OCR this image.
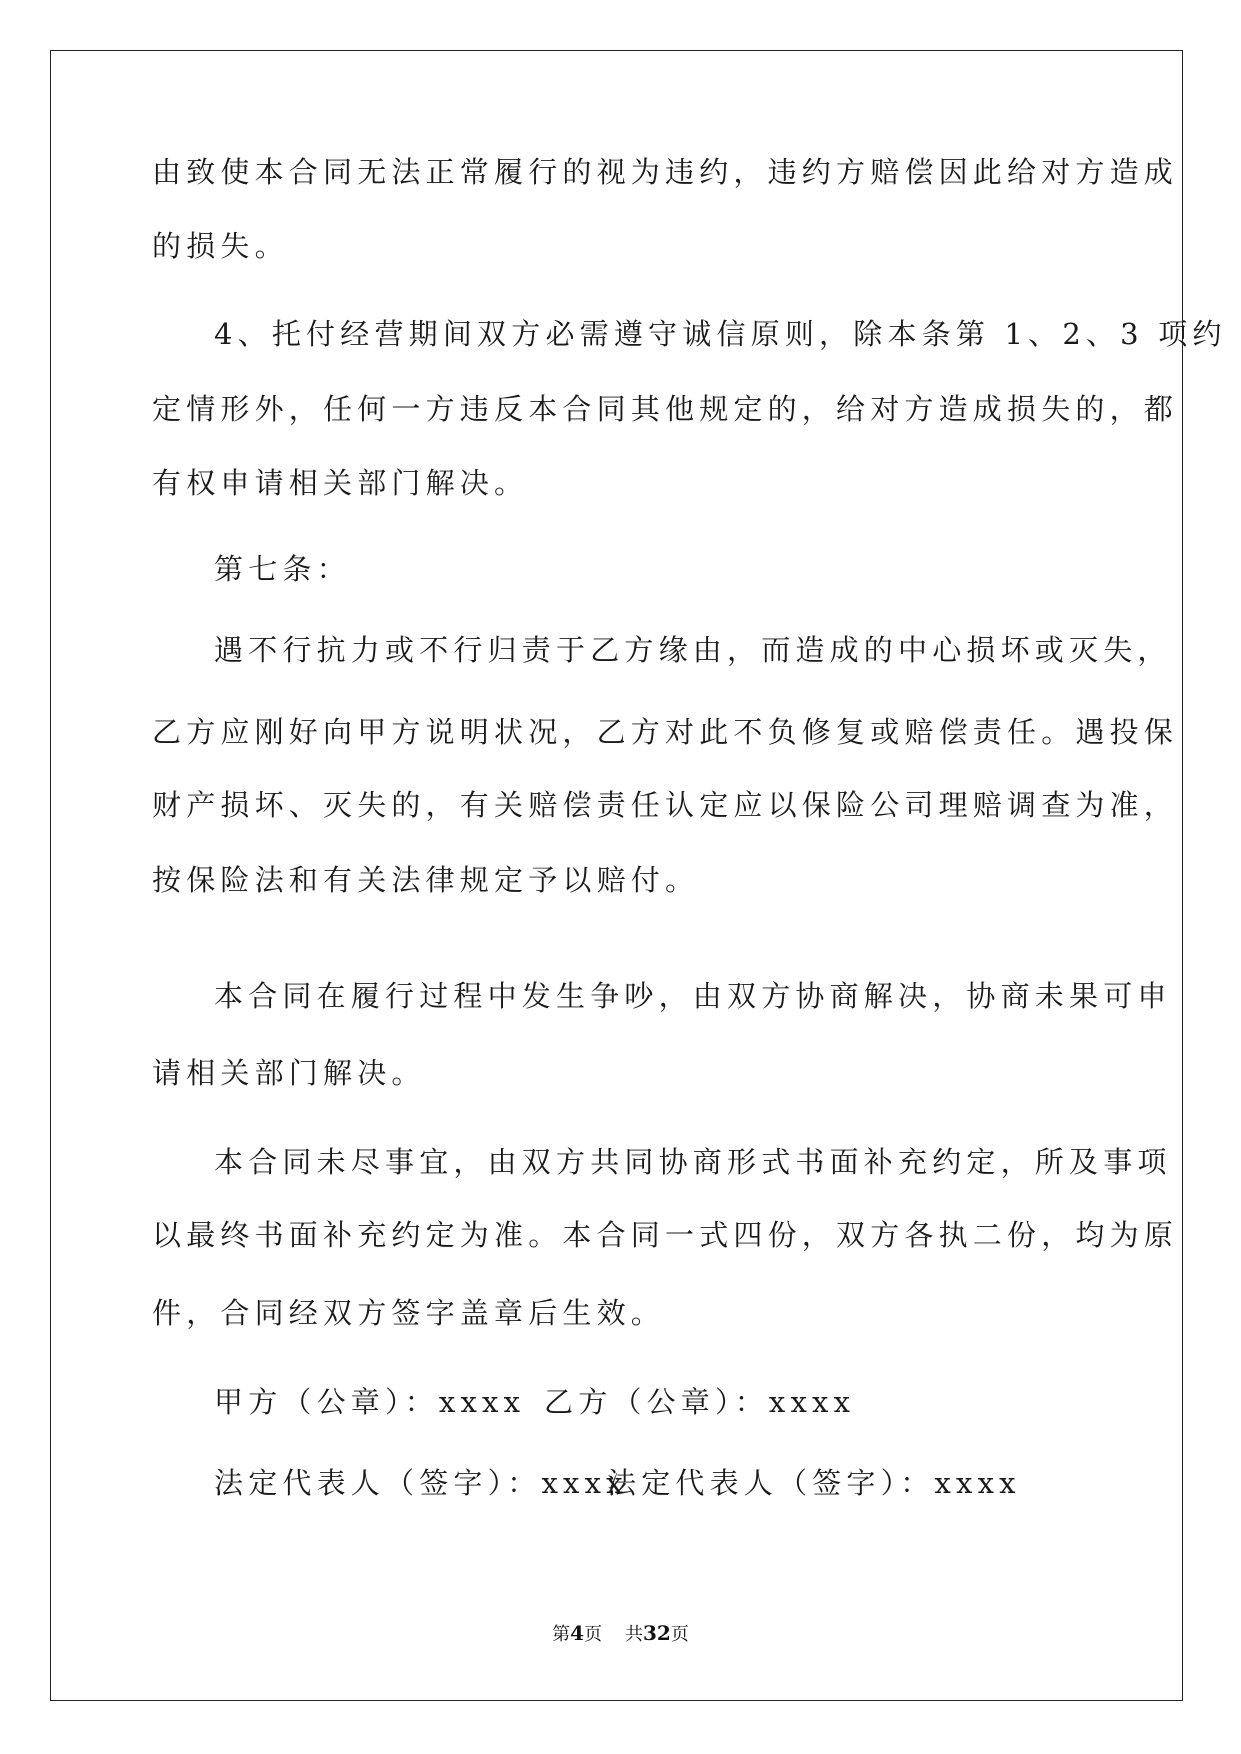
由致使本合同无法正常履行的视为违约，违约方赔偿因此给对方造成

的损失。

4、托付经营期间双方必需遵守诚信原则，除本条第 1、2、3 项约

定情形外，任何一方违反本合同其他规定的，给对方造成损失的，都

有权申请相关部门解决。

第七条：

遇不行抗力或不行归责于乙方缘由，而造成的中心损坏或灭失，

乙方应刚好向甲方说明状况，乙方对此不负修复或赔偿责任。遇投保

财产损坏、灭失的，有关赔偿责任认定应以保险公司理赔调查为准，

按保险法和有关法律规定予以赔付。

本合同在履行过程中发生争吵，由双方协商解决，协商未果可申

请相关部门解决。

本合同未尽事宜，由双方共同协商形式书面补充约定，所及事项

以最终书面补充约定为准。本合同一式四份，双方各执二份，均为原

件，合同经双方签字盖章后生效。

甲方（公章）：xxxx 乙方（公章）：xxxx

法定代表人（签字）：xxxx法定代表人（签字）：xxxx

第4页 共32页
